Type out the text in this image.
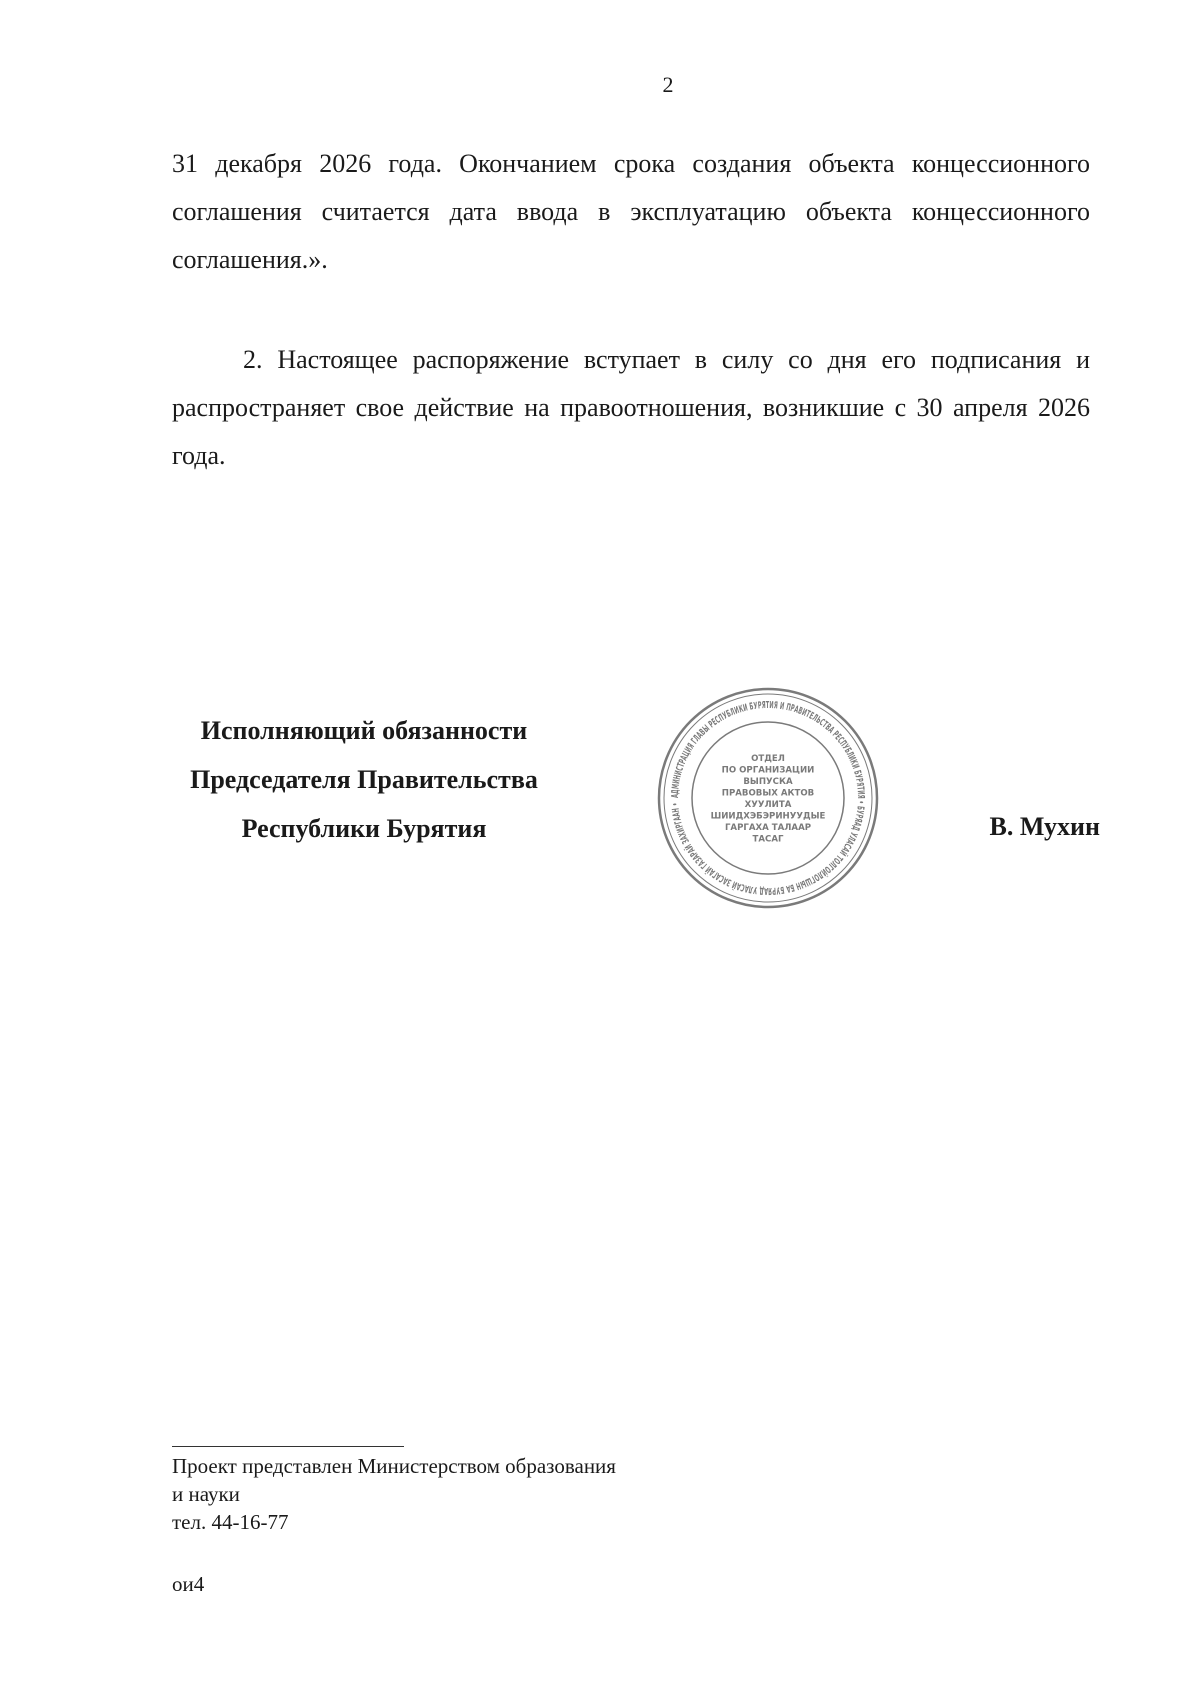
2

31 декабря 2026 года. Окончанием срока создания объекта концессионного соглашения считается дата ввода в эксплуатацию объекта концессионного соглашения.».

2. Настоящее распоряжение вступает в силу со дня его подписания и распространяет свое действие на правоотношения, возникшие с 30 апреля 2026 года.

Исполняющий обязанности
Председателя Правительства
Республики Бурятия
АДМИНИСТРАЦИЯ ГЛАВЫ РЕСПУБЛИКИ БУРЯТИЯ И ПРАВИТЕЛЬСТВА РЕСПУБЛИКИ БУРЯТИЯ • БУРЯАД УЛАСАЙ ТОЛГОЙЛОГШЫН БА БУРЯАД УЛАСАЙ ЗАСАГАЙ ГАЗАРАЙ ЗАХИРГААН •
ОТДЕЛ
ПО ОРГАНИЗАЦИИ
ВЫПУСКА
ПРАВОВЫХ АКТОВ
ХУУЛИТА
ШИИДХЭБЭРИНУУДЫЕ
ГАРГАХА ТАЛААР
ТАСАГ	В. Мухин
Проект представлен Министерством образования
и науки
тел. 44-16-77
ои4
